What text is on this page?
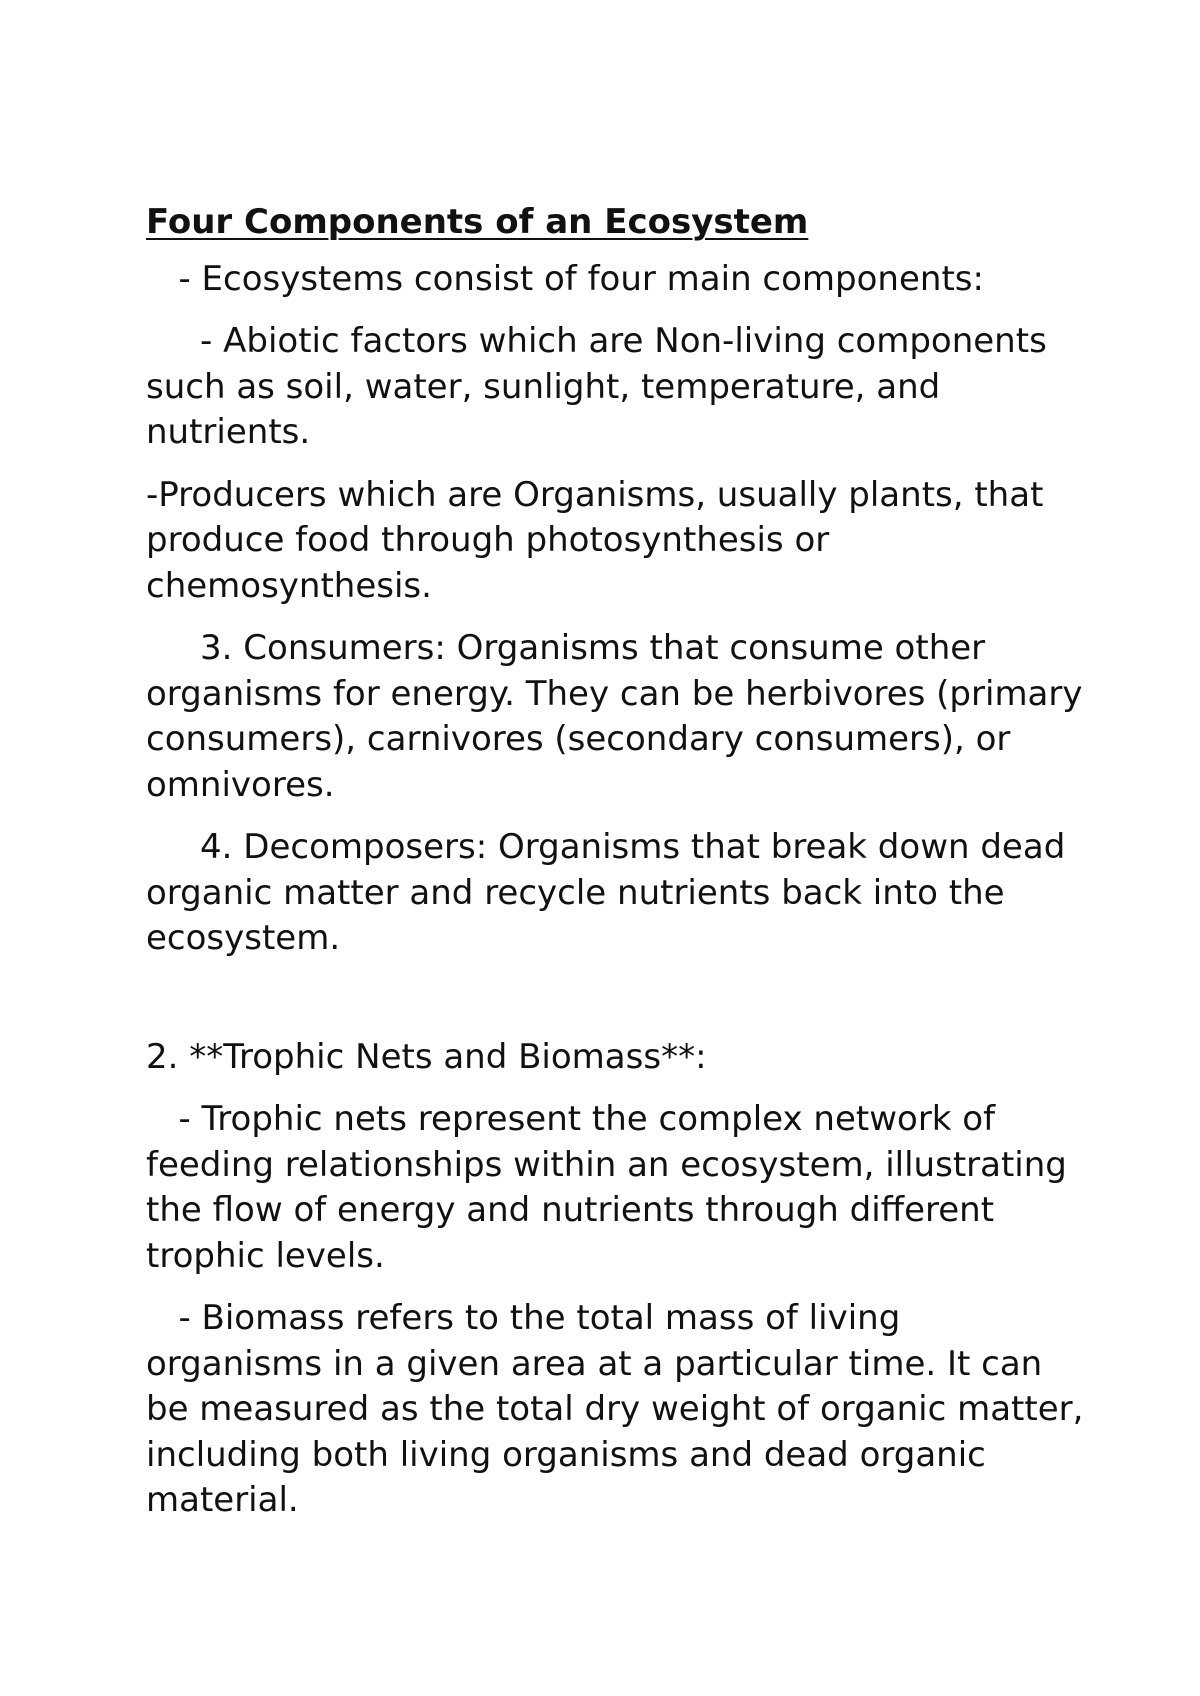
Four Components of an Ecosystem

- Ecosystems consist of four main components:

- Abiotic factors which are Non-living components such as soil, water, sunlight, temperature, and nutrients.

-Producers which are Organisms, usually plants, that produce food through photosynthesis or chemosynthesis.

3. Consumers: Organisms that consume other organisms for energy. They can be herbivores (primary consumers), carnivores (secondary consumers), or omnivores.

4. Decomposers: Organisms that break down dead organic matter and recycle nutrients back into the ecosystem.

2. **Trophic Nets and Biomass**:

- Trophic nets represent the complex network of feeding relationships within an ecosystem, illustrating the flow of energy and nutrients through different trophic levels.

- Biomass refers to the total mass of living organisms in a given area at a particular time. It can be measured as the total dry weight of organic matter, including both living organisms and dead organic material.
